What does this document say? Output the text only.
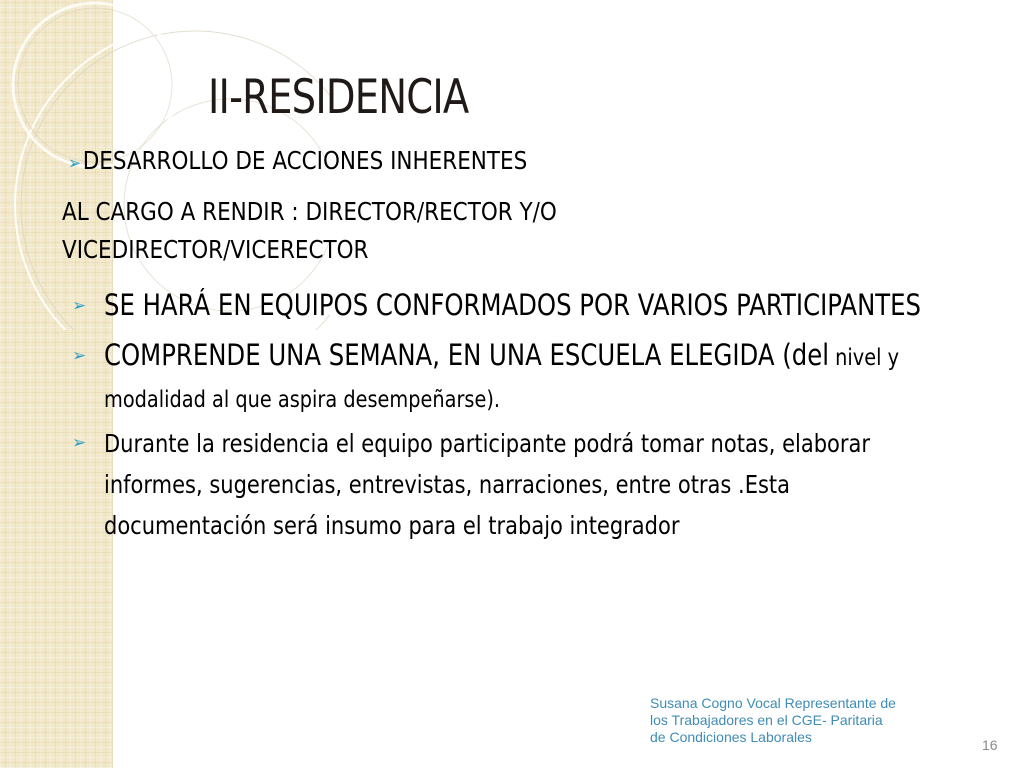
II-RESIDENCIA
➢DESARROLLO DE ACCIONES INHERENTES
AL CARGO A RENDIR : DIRECTOR/RECTOR Y/O
VICEDIRECTOR/VICERECTOR
➢ SE HARÁ EN EQUIPOS CONFORMADOS POR VARIOS PARTICIPANTES
➢ COMPRENDE UNA SEMANA, EN UNA ESCUELA ELEGIDA (del nivel y modalidad al que aspira desempeñarse).
➢ Durante la residencia el equipo participante podrá tomar notas, elaborar informes, sugerencias, entrevistas, narraciones, entre otras .Esta documentación será insumo para el trabajo integrador
Susana Cogno Vocal Representante de
los Trabajadores en el CGE- Paritaria
de Condiciones Laborales	16
